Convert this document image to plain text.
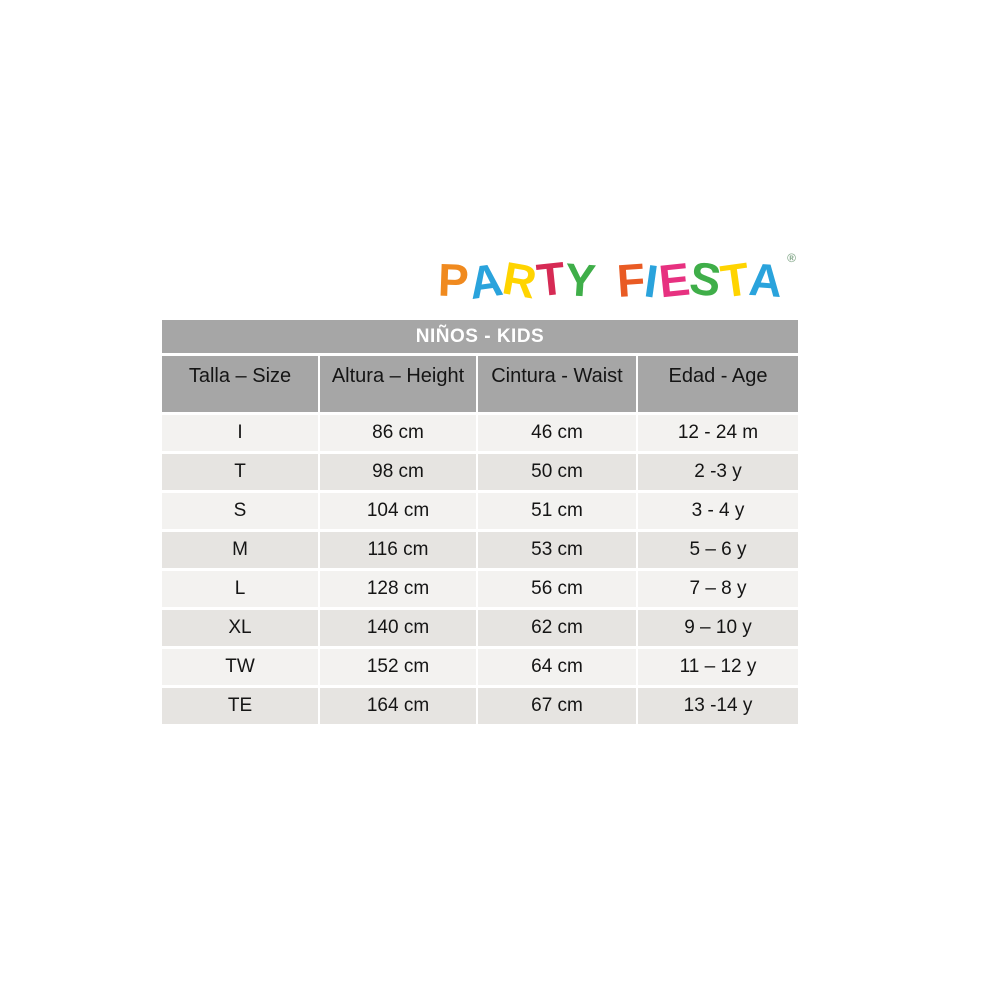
P A R T Y F I E S T A ®
NIÑOS - KIDS
Talla – Size	Altura – Height	Cintura - Waist	Edad - Age
I	86 cm	46 cm	12 - 24 m
T	98 cm	50 cm	2 -3 y
S	104 cm	51 cm	3 - 4 y
M	116 cm	53 cm	5 – 6 y
L	128 cm	56 cm	7 – 8 y
XL	140 cm	62 cm	9 – 10 y
TW	152 cm	64 cm	11 – 12 y
TE	164 cm	67 cm	13 -14 y
